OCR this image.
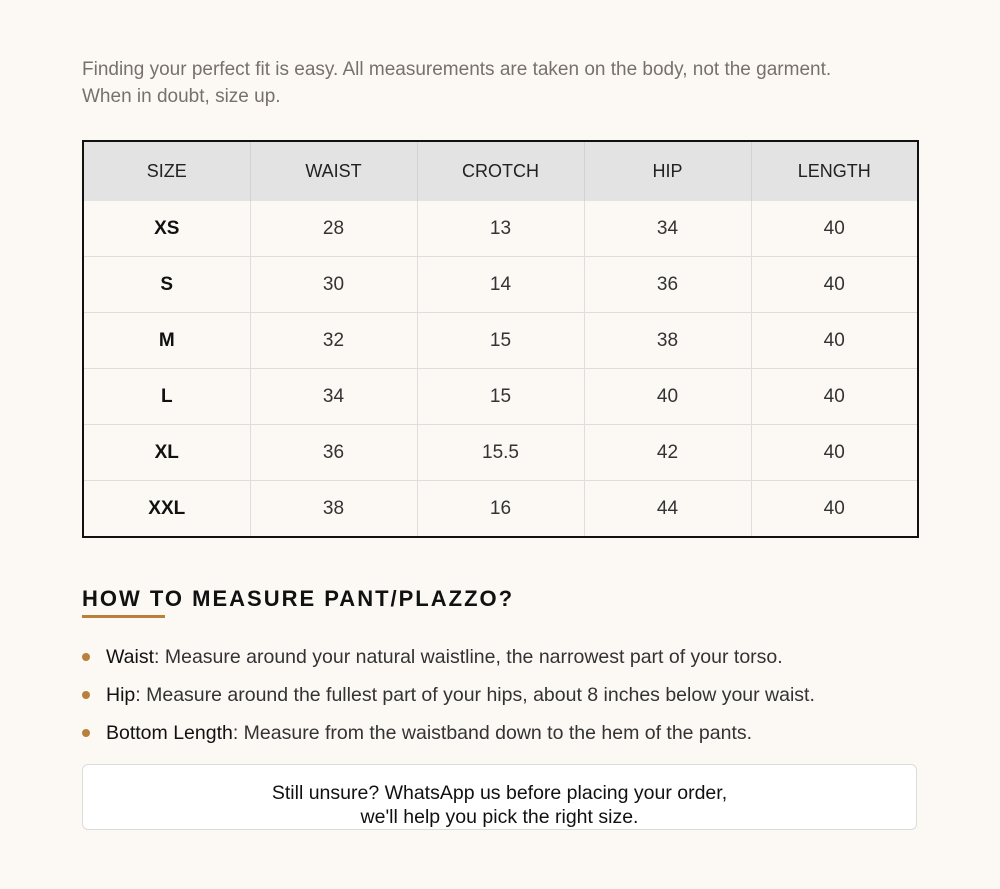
Finding your perfect fit is easy. All measurements are taken on the body, not the garment. When in doubt, size up.

SIZE	WAIST	CROTCH	HIP	LENGTH
XS	28	13	34	40
S	30	14	36	40
M	32	15	38	40
L	34	15	40	40
XL	36	15.5	42	40
XXL	38	16	44	40
HOW TO MEASURE PANT/PLAZZO?
Waist: Measure around your natural waistline, the narrowest part of your torso.
Hip: Measure around the fullest part of your hips, about 8 inches below your waist.
Bottom Length: Measure from the waistband down to the hem of the pants.
Still unsure? WhatsApp us before placing your order,
we'll help you pick the right size.
